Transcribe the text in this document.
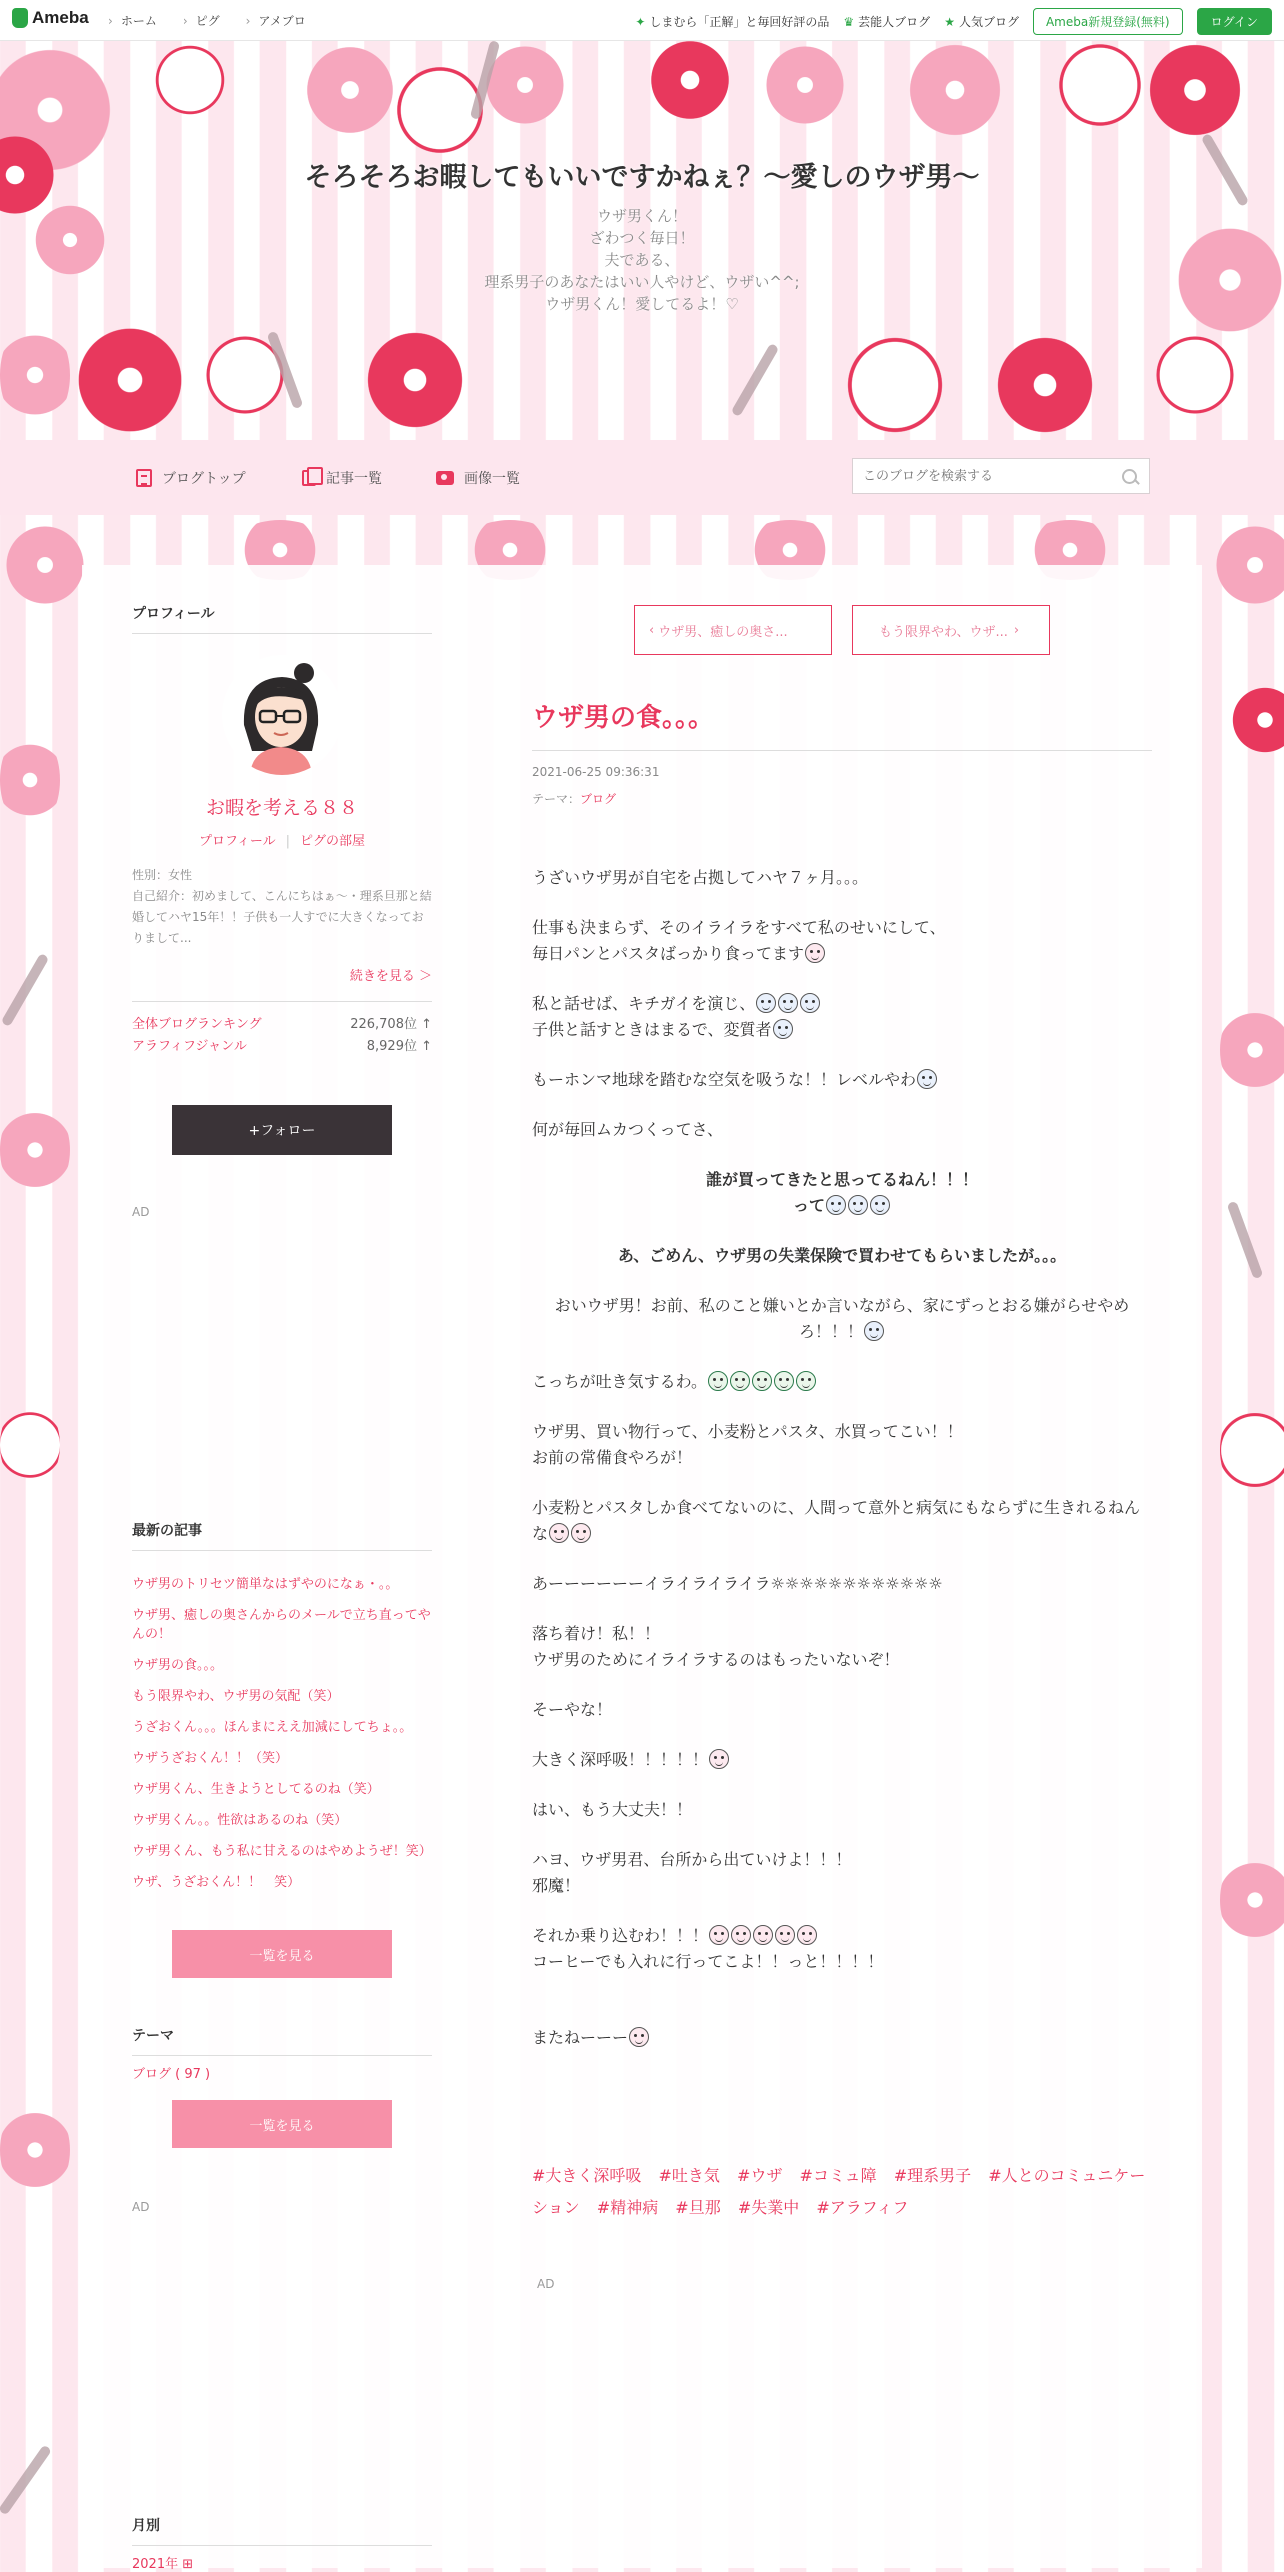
Ameba	› ホーム	› ピグ	› アメブロ	✦ しまむら「正解」と毎回好評の品 ♛ 芸能人ブログ ★ 人気ブログ	Ameba新規登録(無料)	ログイン
そろそろお暇してもいいですかねぇ？〜愛しのウザ男〜
ウザ男くん！
ざわつく毎日！
夫である、
理系男子のあなたはいい人やけど、ウザい^^;
ウザ男くん！愛してるよ！♡
ブログトップ	記事一覧	画像一覧
このブログを検索する
プロフィール
お暇を考える８８
プロフィール | ピグの部屋
性別：女性
自己紹介：初めまして、こんにちはぁ〜・理系旦那と結婚してハヤ15年！！子供も一人すでに大きくなっておりまして...
続きを見る ＞
全体ブログランキング	226,708位 ↑
アラフィフジャンル	8,929位 ↑
+フォロー
AD
最新の記事
ウザ男のトリセツ簡単なはずやのになぁ・。。
ウザ男、癒しの奥さんからのメールで立ち直ってやんの！
ウザ男の食。。。
もう限界やわ、ウザ男の気配（笑）
うざおくん。。。ほんまにええ加減にしてちょ。。
ウザうざおくん！！（笑）
ウザ男くん、生きようとしてるのね（笑）
ウザ男くん。。性欲はあるのね（笑）
ウザ男くん、もう私に甘えるのはやめようぜ！笑）
ウザ、うざおくん！！　笑）
一覧を見る
テーマ
ブログ ( 97 )
一覧を見る
AD
月別
2021年 ⊞
‹ ウザ男、癒しの奥さ...	もう限界やわ、ウザ... ›
ウザ男の食。。。
2021-06-25 09:36:31
テーマ：ブログ

うざいウザ男が自宅を占拠してハヤ７ヶ月。。。

仕事も決まらず、そのイライラをすべて私のせいにして、
毎日パンとパスタばっかり食ってます

私と話せば、キチガイを演じ、
子供と話すときはまるで、変質者

もーホンマ地球を踏むな空気を吸うな！！レベルやわ

何が毎回ムカつくってさ、

誰が買ってきたと思ってるねん！！！
って

あ、ごめん、ウザ男の失業保険で買わせてもらいましたが。。。

おいウザ男！お前、私のこと嫌いとか言いながら、家にずっとおる嫌がらせやめろ！！！

こっちが吐き気するわ。

ウザ男、買い物行って、小麦粉とパスタ、水買ってこい！！
お前の常備食やろが！

小麦粉とパスタしか食べてないのに、人間って意外と病気にもならずに生きれるねんな

あーーーーーーイライライライラ☼☼☼☼☼☼☼☼☼☼☼☼

落ち着け！私！！
ウザ男のためにイライラするのはもったいないぞ！

そーやな！

大きく深呼吸！！！！！

はい、もう大丈夫！！

ハヨ、ウザ男君、台所から出ていけよ！！！
邪魔！

それか乗り込むわ！！！
コーヒーでも入れに行ってこよ！！っと！！！！

またねーーー

#大きく深呼吸 #吐き気 #ウザ #コミュ障 #理系男子 #人とのコミュニケーション #精神病 #旦那 #失業中 #アラフィフ
AD
